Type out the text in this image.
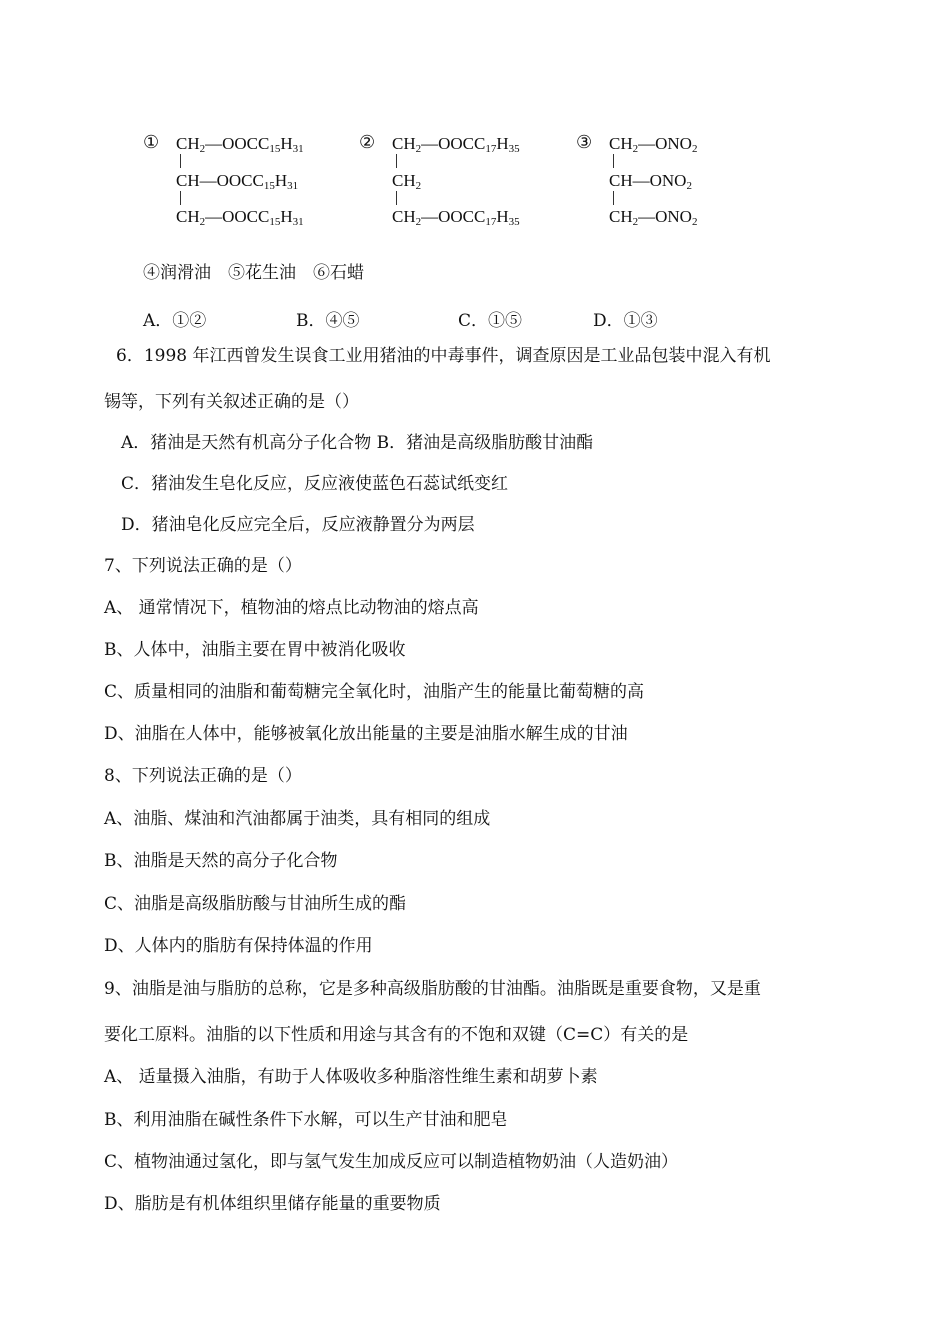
① $CH_2—OOCC_{15}H_{31}$
$CH—OOCC_{15}H_{31}$
$CH_2—OOCC_{15}H_{31}$
② $CH_2—OOCC_{17}H_{35}$
$CH_2$
$CH_2—OOCC_{17}H_{35}$
③ $CH_2—ONO_2$
$CH—ONO_2$
$CH_2—ONO_2$
④润滑油　⑤花生油　⑥石蜡
A．①②	B．④⑤	C．①⑤	D．①③
6．1998 年江西曾发生误食工业用猪油的中毒事件，调查原因是工业品包装中混入有机
锡等，下列有关叙述正确的是（）
A．猪油是天然有机高分子化合物 B．猪油是高级脂肪酸甘油酯
C．猪油发生皂化反应，反应液使蓝色石蕊试纸变红
D．猪油皂化反应完全后，反应液静置分为两层
7、下列说法正确的是（）
A、 通常情况下，植物油的熔点比动物油的熔点高
B、人体中，油脂主要在胃中被消化吸收
C、质量相同的油脂和葡萄糖完全氧化时，油脂产生的能量比葡萄糖的高
D、油脂在人体中，能够被氧化放出能量的主要是油脂水解生成的甘油
8、下列说法正确的是（）
A、油脂、煤油和汽油都属于油类，具有相同的组成
B、油脂是天然的高分子化合物
C、油脂是高级脂肪酸与甘油所生成的酯
D、人体内的脂肪有保持体温的作用
9、油脂是油与脂肪的总称，它是多种高级脂肪酸的甘油酯。油脂既是重要食物，又是重
要化工原料。油脂的以下性质和用途与其含有的不饱和双键（C=C）有关的是
A、 适量摄入油脂，有助于人体吸收多种脂溶性维生素和胡萝卜素
B、利用油脂在碱性条件下水解，可以生产甘油和肥皂
C、植物油通过氢化，即与氢气发生加成反应可以制造植物奶油（人造奶油）
D、脂肪是有机体组织里储存能量的重要物质
